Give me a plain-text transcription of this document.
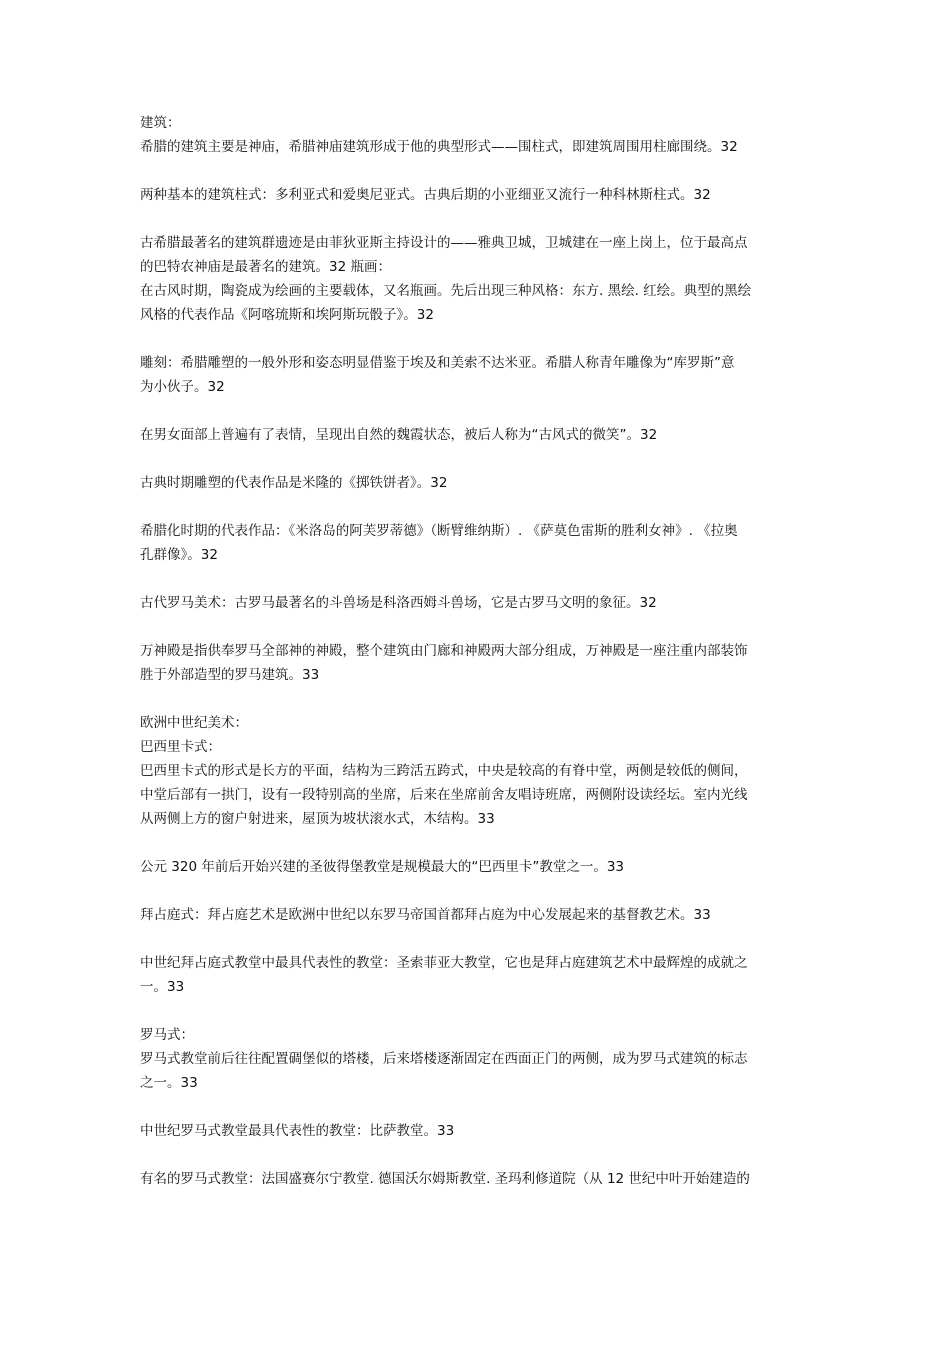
建筑：
希腊的建筑主要是神庙，希腊神庙建筑形成于他的典型形式——围柱式，即建筑周围用柱廊围绕。32
两种基本的建筑柱式：多利亚式和爱奥尼亚式。古典后期的小亚细亚又流行一种科林斯柱式。32
古希腊最著名的建筑群遗迹是由菲狄亚斯主持设计的——雅典卫城，卫城建在一座上岗上，位于最高点
的巴特农神庙是最著名的建筑。32 瓶画：
在古风时期，陶瓷成为绘画的主要载体，又名瓶画。先后出现三种风格：东方. 黑绘. 红绘。典型的黑绘
风格的代表作品《阿喀琉斯和埃阿斯玩骰子》。32
雕刻：希腊雕塑的一般外形和姿态明显借鉴于埃及和美索不达米亚。希腊人称青年雕像为“库罗斯”意
为小伙子。32
在男女面部上普遍有了表情，呈现出自然的魏霞状态，被后人称为“古风式的微笑”。32
古典时期雕塑的代表作品是米隆的《掷铁饼者》。32
希腊化时期的代表作品：《米洛岛的阿芙罗蒂德》（断臂维纳斯）. 《萨莫色雷斯的胜利女神》. 《拉奥
孔群像》。32
古代罗马美术：古罗马最著名的斗兽场是科洛西姆斗兽场，它是古罗马文明的象征。32
万神殿是指供奉罗马全部神的神殿，整个建筑由门廊和神殿两大部分组成，万神殿是一座注重内部装饰
胜于外部造型的罗马建筑。33
欧洲中世纪美术：
巴西里卡式：
巴西里卡式的形式是长方的平面，结构为三跨活五跨式，中央是较高的有脊中堂，两侧是较低的侧间，
中堂后部有一拱门，设有一段特别高的坐席，后来在坐席前舍友唱诗班席，两侧附设读经坛。室内光线
从两侧上方的窗户射进来，屋顶为坡状滚水式，木结构。33
公元 320 年前后开始兴建的圣彼得堡教堂是规模最大的“巴西里卡”教堂之一。33
拜占庭式：拜占庭艺术是欧洲中世纪以东罗马帝国首都拜占庭为中心发展起来的基督教艺术。33
中世纪拜占庭式教堂中最具代表性的教堂：圣索菲亚大教堂，它也是拜占庭建筑艺术中最辉煌的成就之
一。33
罗马式：
罗马式教堂前后往往配置碉堡似的塔楼，后来塔楼逐渐固定在西面正门的两侧，成为罗马式建筑的标志
之一。33
中世纪罗马式教堂最具代表性的教堂：比萨教堂。33
有名的罗马式教堂：法国盛赛尔宁教堂. 德国沃尔姆斯教堂. 圣玛利修道院（从 12 世纪中叶开始建造的
